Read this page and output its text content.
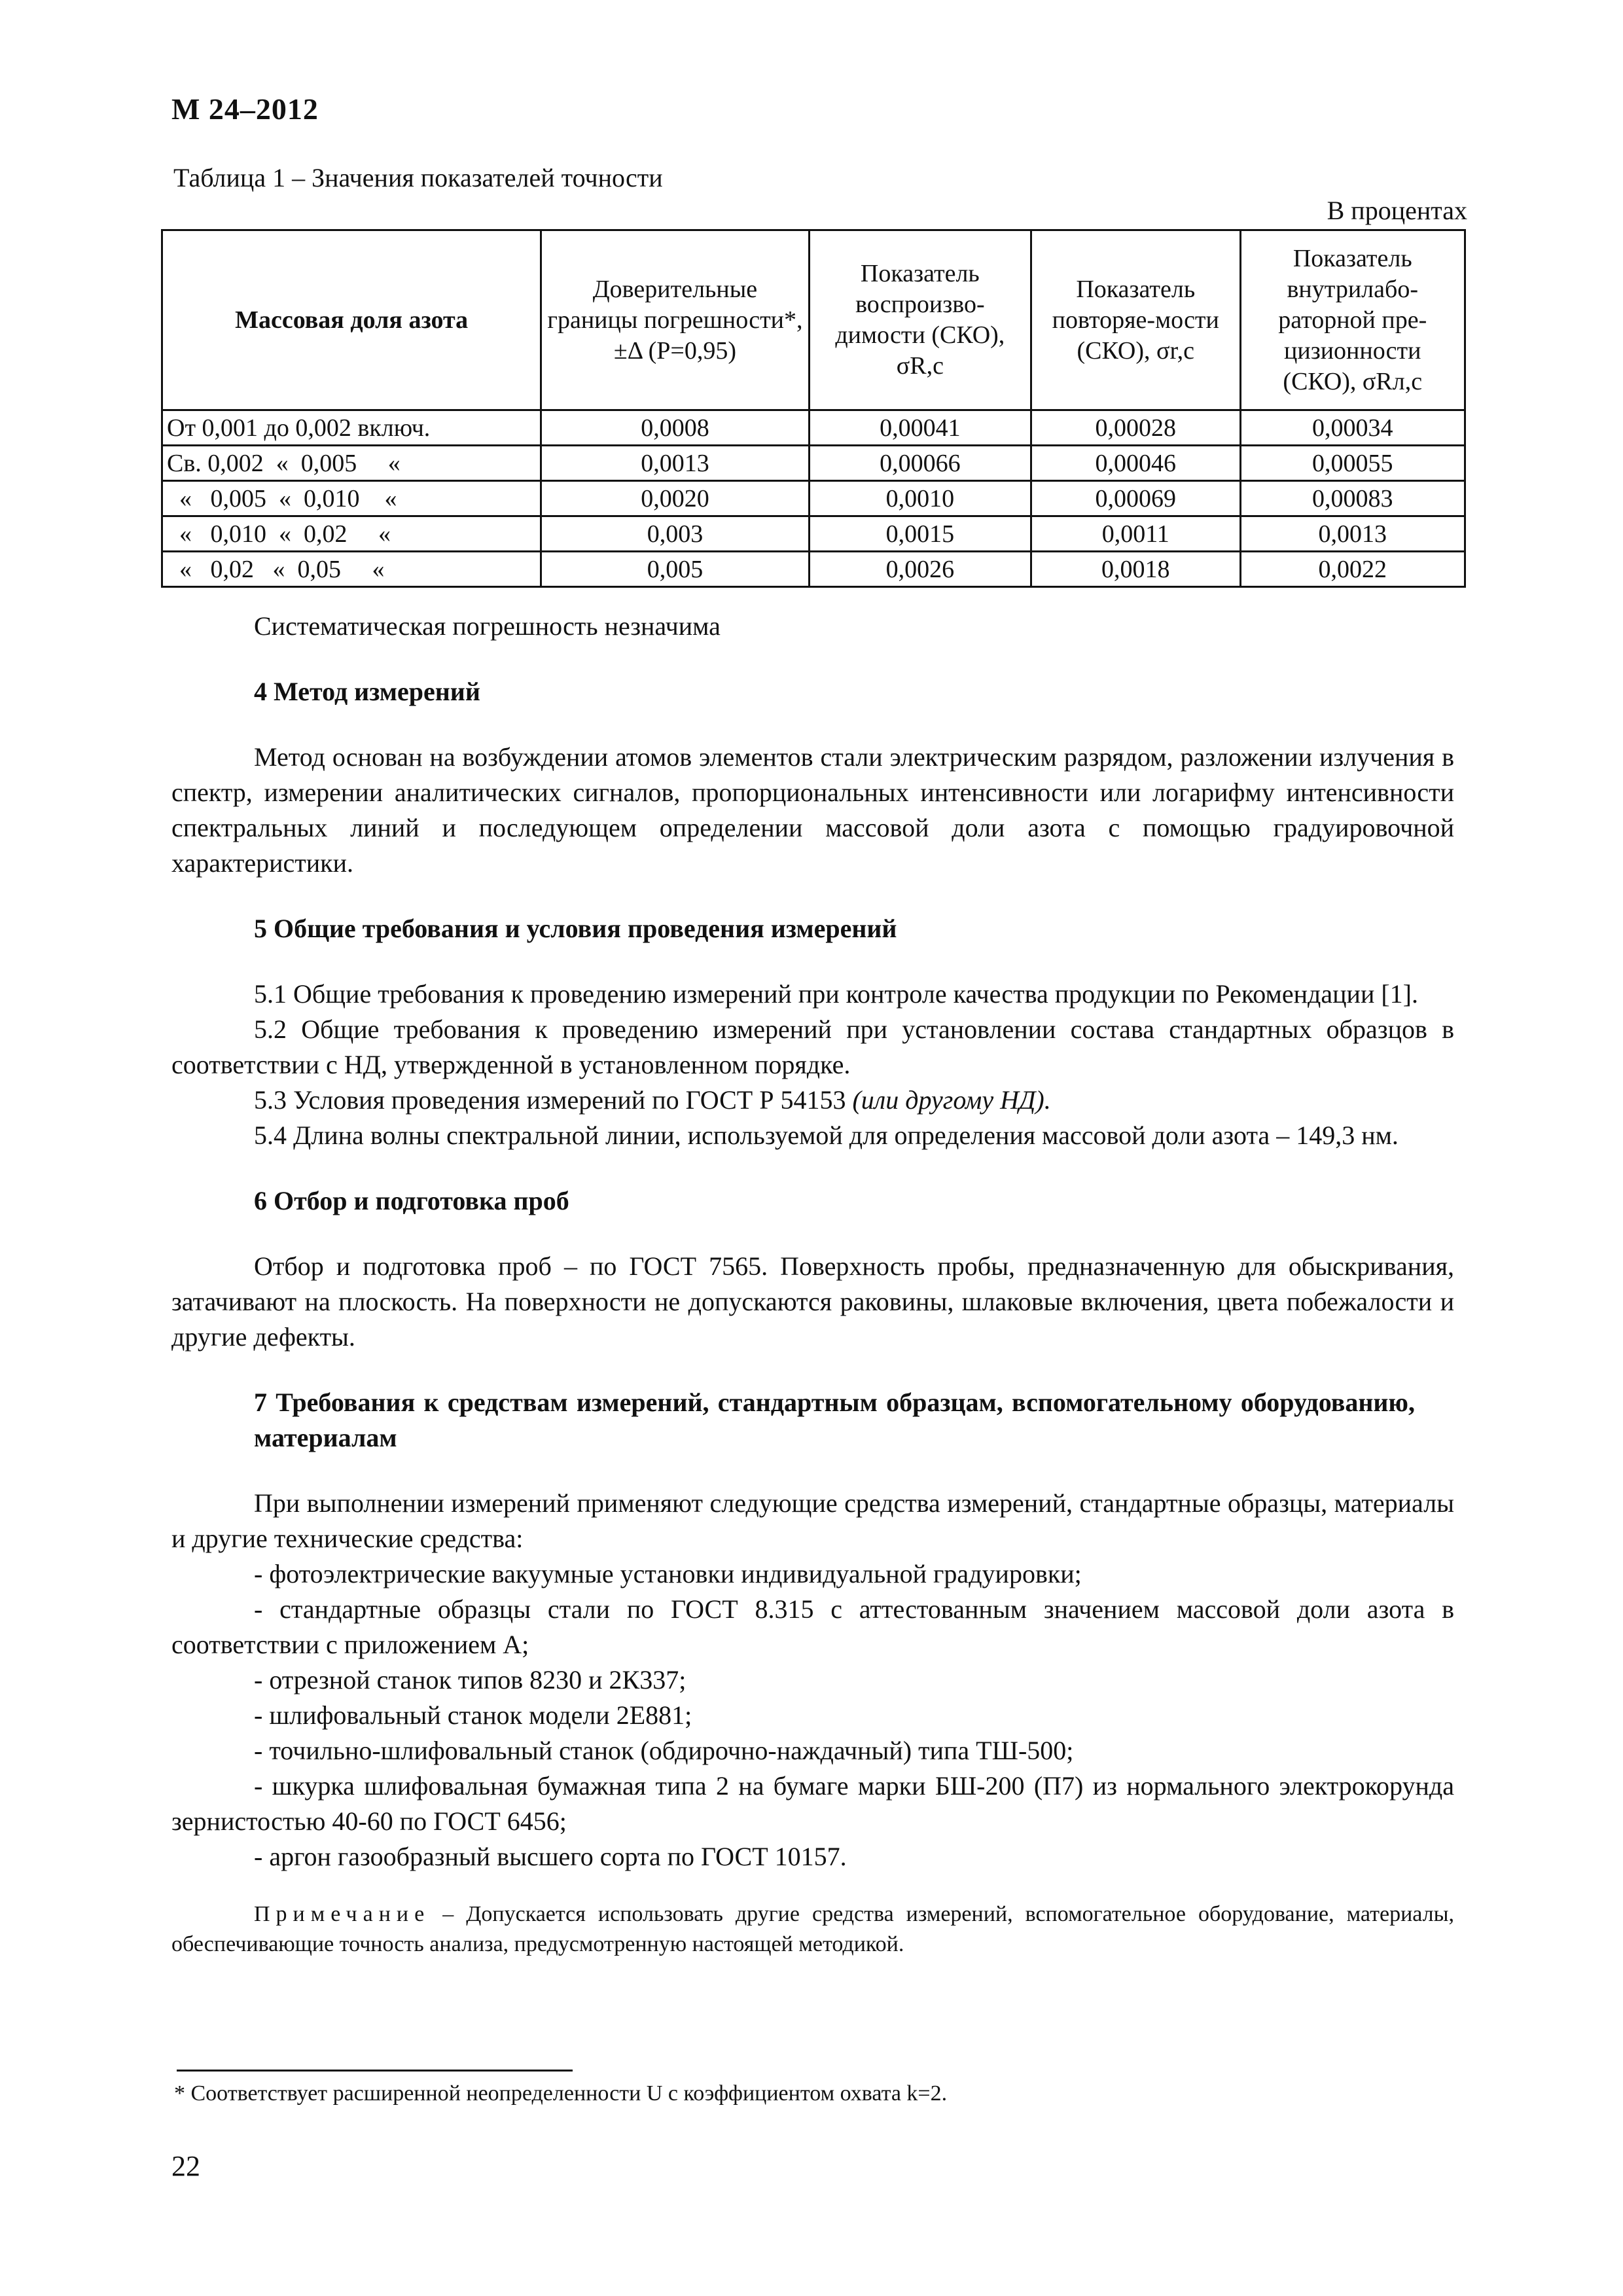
М 24–2012
Таблица 1 – Значения показателей точности
В процентах
Массовая доля азота	Доверительные границы погрешности*, ±Δ (P=0,95)	Показатель воспроизво-димости (СКО), σR,c	Показатель повторяе-мости (СКО), σr,c	Показатель внутрилабо-раторной пре-цизионности (СКО), σRл,c
От 0,001 до 0,002 включ.	0,0008	0,00041	0,00028	0,00034
Св. 0,002  «  0,005     «	0,0013	0,00066	0,00046	0,00055
«   0,005  «  0,010    «	0,0020	0,0010	0,00069	0,00083
«   0,010  «  0,02     «	0,003	0,0015	0,0011	0,0013
«   0,02   «  0,05     «	0,005	0,0026	0,0018	0,0022

Систематическая погрешность незначима

4 Метод измерений

Метод основан на возбуждении атомов элементов стали электрическим разрядом, разложении излучения в спектр, измерении аналитических сигналов, пропорциональных интенсивности или логарифму интенсивности спектральных линий и последующем определении массовой доли азота с помощью градуировочной характеристики.

5 Общие требования и условия проведения измерений

5.1 Общие требования к проведению измерений при контроле качества продукции по Рекомендации [1].

5.2 Общие требования к проведению измерений при установлении состава стандартных образцов в соответствии с НД, утвержденной в установленном порядке.

5.3 Условия проведения измерений по ГОСТ Р 54153 (или другому НД).

5.4 Длина волны спектральной линии, используемой для определения массовой доли азота – 149,3 нм.

6 Отбор и подготовка проб

Отбор и подготовка проб – по ГОСТ 7565. Поверхность пробы, предназначенную для обыскривания, затачивают на плоскость. На поверхности не допускаются раковины, шлаковые включения, цвета побежалости и другие дефекты.

7 Требования к средствам измерений, стандартным образцам, вспомогательному оборудованию, материалам

При выполнении измерений применяют следующие средства измерений, стандартные образцы, материалы и другие технические средства:

- фотоэлектрические вакуумные установки индивидуальной градуировки;

- стандартные образцы стали по ГОСТ 8.315 с аттестованным значением массовой доли азота в соответствии с приложением А;

- отрезной станок типов 8230 и 2К337;

- шлифовальный станок модели 2Е881;

- точильно-шлифовальный станок (обдирочно-наждачный) типа ТШ-500;

- шкурка шлифовальная бумажная типа 2 на бумаге марки БШ-200 (П7) из нормального электрокорунда зернистостью 40-60 по ГОСТ 6456;

- аргон газообразный высшего сорта по ГОСТ 10157.

Примечание – Допускается использовать другие средства измерений, вспомогательное оборудование, материалы, обеспечивающие точность анализа, предусмотренную настоящей методикой.

* Соответствует расширенной неопределенности U с коэффициентом охвата k=2.
22
